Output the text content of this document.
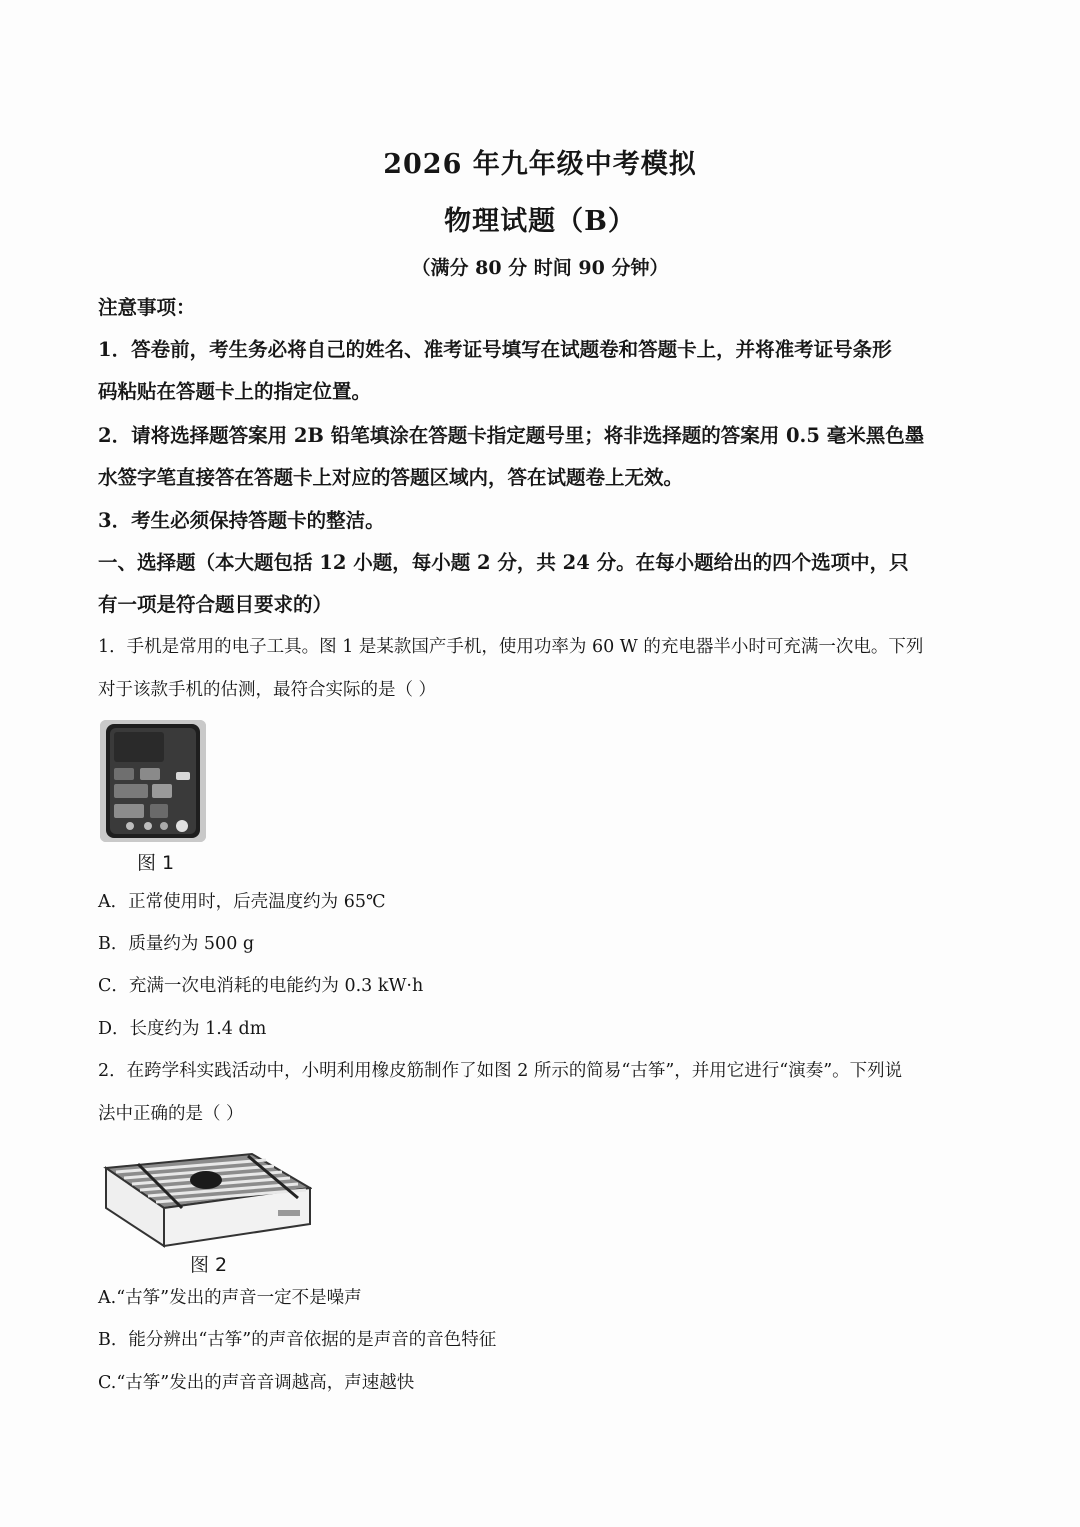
2026 年九年级中考模拟
物理试题（B）
（满分 80 分 时间 90 分钟）
注意事项：
1．答卷前，考生务必将自己的姓名、准考证号填写在试题卷和答题卡上，并将准考证号条形
码粘贴在答题卡上的指定位置。
2．请将选择题答案用 2B 铅笔填涂在答题卡指定题号里；将非选择题的答案用 0.5 毫米黑色墨
水签字笔直接答在答题卡上对应的答题区域内，答在试题卷上无效。
3．考生必须保持答题卡的整洁。
一、选择题（本大题包括 12 小题，每小题 2 分，共 24 分。在每小题给出的四个选项中，只
有一项是符合题目要求的）
1．手机是常用的电子工具。图 1 是某款国产手机，使用功率为 60 W 的充电器半小时可充满一次电。下列
对于该款手机的估测，最符合实际的是（ ）
图 1
A．正常使用时，后壳温度约为 65℃
B．质量约为 500 g
C．充满一次电消耗的电能约为 0.3 kW·h
D．长度约为 1.4 dm
2．在跨学科实践活动中，小明利用橡皮筋制作了如图 2 所示的简易“古筝”，并用它进行“演奏”。下列说
法中正确的是（ ）
图 2
A.“古筝”发出的声音一定不是噪声
B．能分辨出“古筝”的声音依据的是声音的音色特征
C.“古筝”发出的声音音调越高，声速越快
